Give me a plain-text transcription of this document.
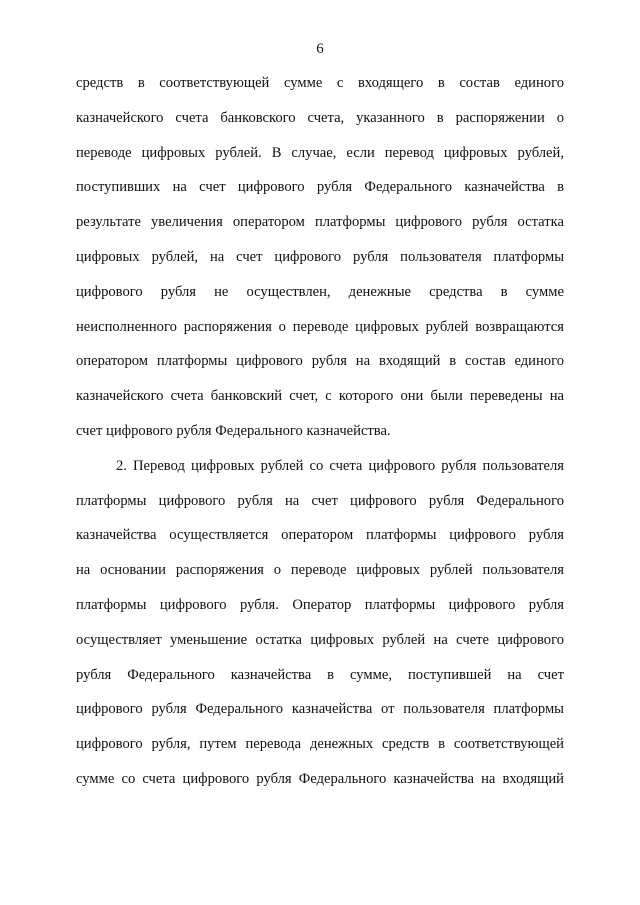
6
средств в соответствующей сумме с входящего в состав единого
казначейского счета банковского счета, указанного в распоряжении о
переводе цифровых рублей. В случае, если перевод цифровых рублей,
поступивших на счет цифрового рубля Федерального казначейства в
результате увеличения оператором платформы цифрового рубля остатка
цифровых рублей, на счет цифрового рубля пользователя платформы
цифрового рубля не осуществлен, денежные средства в сумме
неисполненного распоряжения о переводе цифровых рублей возвращаются
оператором платформы цифрового рубля на входящий в состав единого
казначейского счета банковский счет, с которого они были переведены на
счет цифрового рубля Федерального казначейства.
2. Перевод цифровых рублей со счета цифрового рубля пользователя
платформы цифрового рубля на счет цифрового рубля Федерального
казначейства осуществляется оператором платформы цифрового рубля
на основании распоряжения о переводе цифровых рублей пользователя
платформы цифрового рубля. Оператор платформы цифрового рубля
осуществляет уменьшение остатка цифровых рублей на счете цифрового
рубля Федерального казначейства в сумме, поступившей на счет
цифрового рубля Федерального казначейства от пользователя платформы
цифрового рубля, путем перевода денежных средств в соответствующей
сумме со счета цифрового рубля Федерального казначейства на входящий
